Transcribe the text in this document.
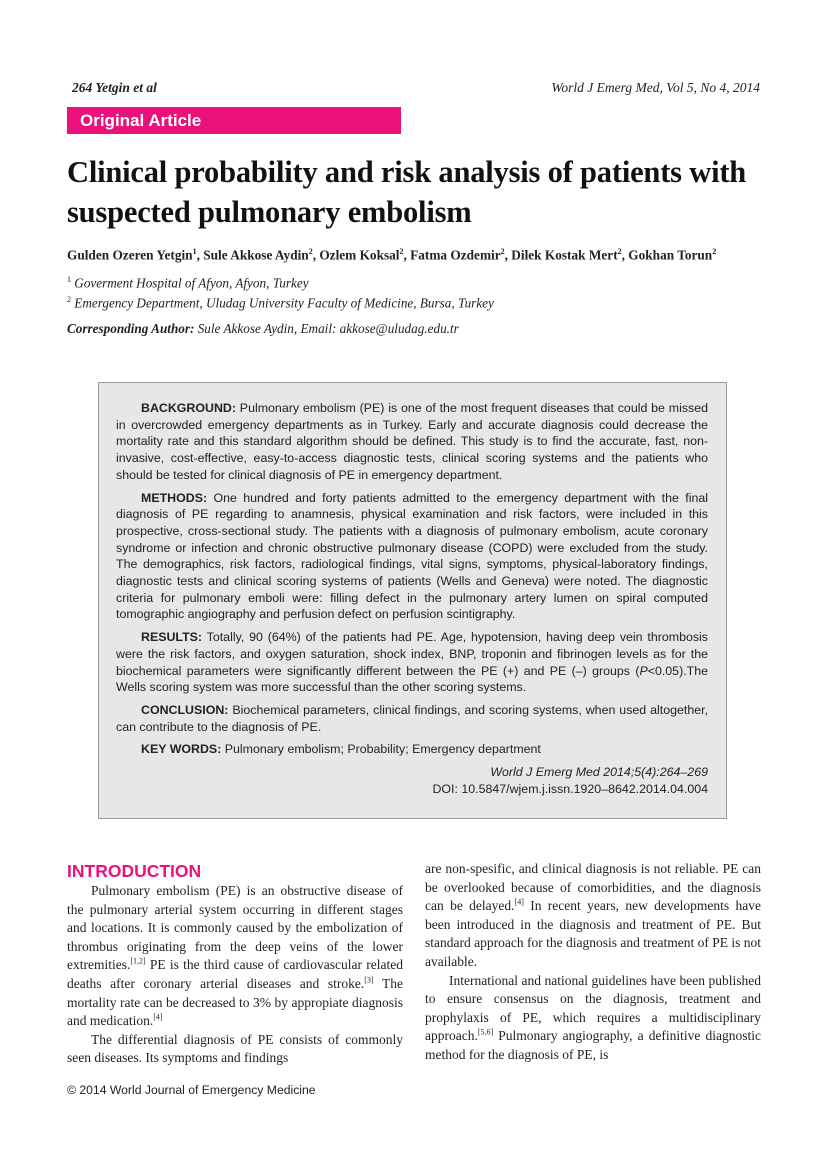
264 Yetgin et al	World J Emerg Med, Vol 5, No 4, 2014
Original Article
Clinical probability and risk analysis of patients with suspected pulmonary embolism
Gulden Ozeren Yetgin$^1$, Sule Akkose Aydin$^2$, Ozlem Koksal$^2$, Fatma Ozdemir$^2$, Dilek Kostak Mert$^2$, Gokhan Torun$^2$
$^1$ Goverment Hospital of Afyon, Afyon, Turkey
$^2$ Emergency Department, Uludag University Faculty of Medicine, Bursa, Turkey
Corresponding Author: Sule Akkose Aydin, Email: akkose@uludag.edu.tr

BACKGROUND: Pulmonary embolism (PE) is one of the most frequent diseases that could be missed in overcrowded emergency departments as in Turkey. Early and accurate diagnosis could decrease the mortality rate and this standard algorithm should be defined. This study is to find the accurate, fast, non-invasive, cost-effective, easy-to-access diagnostic tests, clinical scoring systems and the patients who should be tested for clinical diagnosis of PE in emergency department.

METHODS: One hundred and forty patients admitted to the emergency department with the final diagnosis of PE regarding to anamnesis, physical examination and risk factors, were included in this prospective, cross-sectional study. The patients with a diagnosis of pulmonary embolism, acute coronary syndrome or infection and chronic obstructive pulmonary disease (COPD) were excluded from the study. The demographics, risk factors, radiological findings, vital signs, symptoms, physical-laboratory findings, diagnostic tests and clinical scoring systems of patients (Wells and Geneva) were noted. The diagnostic criteria for pulmonary emboli were: filling defect in the pulmonary artery lumen on spiral computed tomographic angiography and perfusion defect on perfusion scintigraphy.

RESULTS: Totally, 90 (64%) of the patients had PE. Age, hypotension, having deep vein thrombosis were the risk factors, and oxygen saturation, shock index, BNP, troponin and fibrinogen levels as for the biochemical parameters were significantly different between the PE (+) and PE (–) groups (P<0.05).The Wells scoring system was more successful than the other scoring systems.

CONCLUSION: Biochemical parameters, clinical findings, and scoring systems, when used altogether, can contribute to the diagnosis of PE.

KEY WORDS: Pulmonary embolism; Probability; Emergency department

World J Emerg Med 2014;5(4):264–269
DOI: 10.5847/wjem.j.issn.1920–8642.2014.04.004
INTRODUCTION

Pulmonary embolism (PE) is an obstructive disease of the pulmonary arterial system occurring in different stages and locations. It is commonly caused by the embolization of thrombus originating from the deep veins of the lower extremities.[1,2] PE is the third cause of cardiovascular related deaths after coronary arterial diseases and stroke.[3] The mortality rate can be decreased to 3% by appropiate diagnosis and medication.[4]

The differential diagnosis of PE consists of commonly seen diseases. Its symptoms and findings

are non-spesific, and clinical diagnosis is not reliable. PE can be overlooked because of comorbidities, and the diagnosis can be delayed.[4] In recent years, new developments have been introduced in the diagnosis and treatment of PE. But standard approach for the diagnosis and treatment of PE is not available.

International and national guidelines have been published to ensure consensus on the diagnosis, treatment and prophylaxis of PE, which requires a multidisciplinary approach.[5,6] Pulmonary angiography, a definitive diagnostic method for the diagnosis of PE, is

© 2014 World Journal of Emergency Medicine
